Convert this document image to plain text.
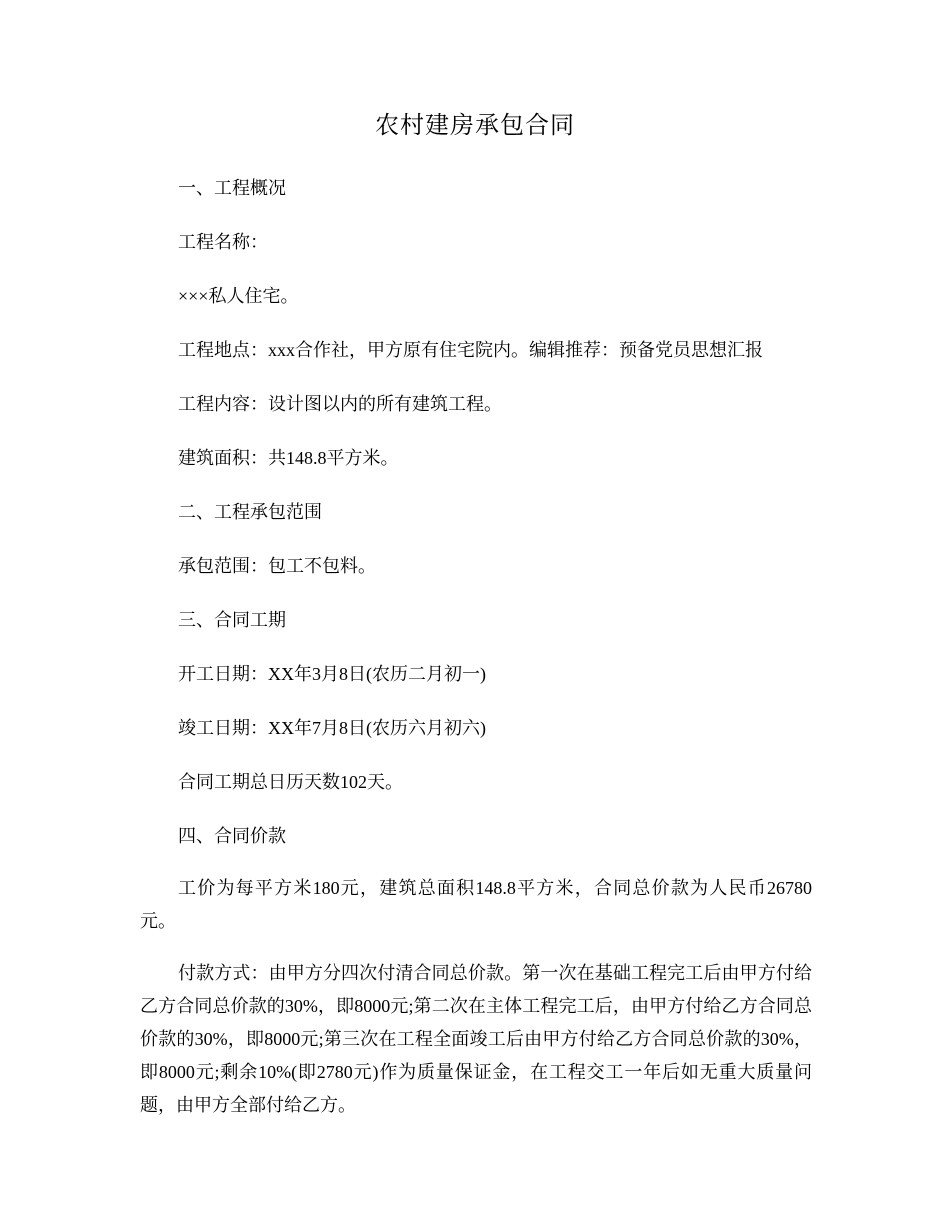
农村建房承包合同
一、工程概况
工程名称：
×××私人住宅。
工程地点：xxx合作社，甲方原有住宅院内。编辑推荐：预备党员思想汇报
工程内容：设计图以内的所有建筑工程。
建筑面积：共148.8平方米。
二、工程承包范围
承包范围：包工不包料。
三、合同工期
开工日期：XX年3月8日(农历二月初一)
竣工日期：XX年7月8日(农历六月初六)
合同工期总日历天数102天。
四、合同价款
工价为每平方米180元，建筑总面积148.8平方米，合同总价款为人民币26780元。
付款方式：由甲方分四次付清合同总价款。第一次在基础工程完工后由甲方付给乙方合同总价款的30%，即8000元;第二次在主体工程完工后，由甲方付给乙方合同总价款的30%，即8000元;第三次在工程全面竣工后由甲方付给乙方合同总价款的30%，即8000元;剩余10%(即2780元)作为质量保证金，在工程交工一年后如无重大质量问题，由甲方全部付给乙方。
